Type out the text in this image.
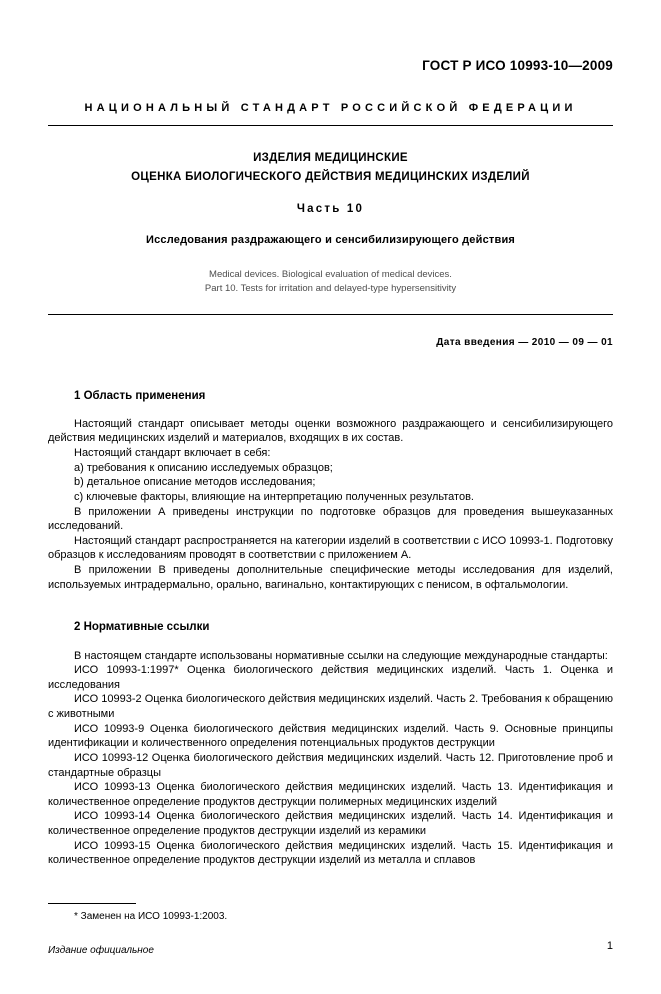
ГОСТ Р ИСО 10993-10—2009
НАЦИОНАЛЬНЫЙ СТАНДАРТ РОССИЙСКОЙ ФЕДЕРАЦИИ
ИЗДЕЛИЯ МЕДИЦИНСКИЕ
ОЦЕНКА БИОЛОГИЧЕСКОГО ДЕЙСТВИЯ МЕДИЦИНСКИХ ИЗДЕЛИЙ
Часть 10
Исследования раздражающего и сенсибилизирующего действия
Medical devices. Biological evaluation of medical devices.
Part 10. Tests for irritation and delayed-type hypersensitivity
Дата введения — 2010 — 09 — 01
1 Область применения

Настоящий стандарт описывает методы оценки возможного раздражающего и сенсибилизирующего действия медицинских изделий и материалов, входящих в их состав.

Настоящий стандарт включает в себя:

a) требования к описанию исследуемых образцов;

b) детальное описание методов исследования;

c) ключевые факторы, влияющие на интерпретацию полученных результатов.

В приложении А приведены инструкции по подготовке образцов для проведения вышеуказанных исследований.

Настоящий стандарт распространяется на категории изделий в соответствии с ИСО 10993-1. Подготовку образцов к исследованиям проводят в соответствии с приложением А.

В приложении В приведены дополнительные специфические методы исследования для изделий, используемых интрадермально, орально, вагинально, контактирующих с пенисом, в офтальмологии.

2 Нормативные ссылки

В настоящем стандарте использованы нормативные ссылки на следующие международные стандарты:

ИСО 10993-1:1997* Оценка биологического действия медицинских изделий. Часть 1. Оценка и исследования

ИСО 10993-2 Оценка биологического действия медицинских изделий. Часть 2. Требования к обращению с животными

ИСО 10993-9 Оценка биологического действия медицинских изделий. Часть 9. Основные принципы идентификации и количественного определения потенциальных продуктов деструкции

ИСО 10993-12 Оценка биологического действия медицинских изделий. Часть 12. Приготовление проб и стандартные образцы

ИСО 10993-13 Оценка биологического действия медицинских изделий. Часть 13. Идентификация и количественное определение продуктов деструкции полимерных медицинских изделий

ИСО 10993-14 Оценка биологического действия медицинских изделий. Часть 14. Идентификация и количественное определение продуктов деструкции изделий из керамики

ИСО 10993-15 Оценка биологического действия медицинских изделий. Часть 15. Идентификация и количественное определение продуктов деструкции изделий из металла и сплавов

* Заменен на ИСО 10993-1:2003.

Издание официальное	1
